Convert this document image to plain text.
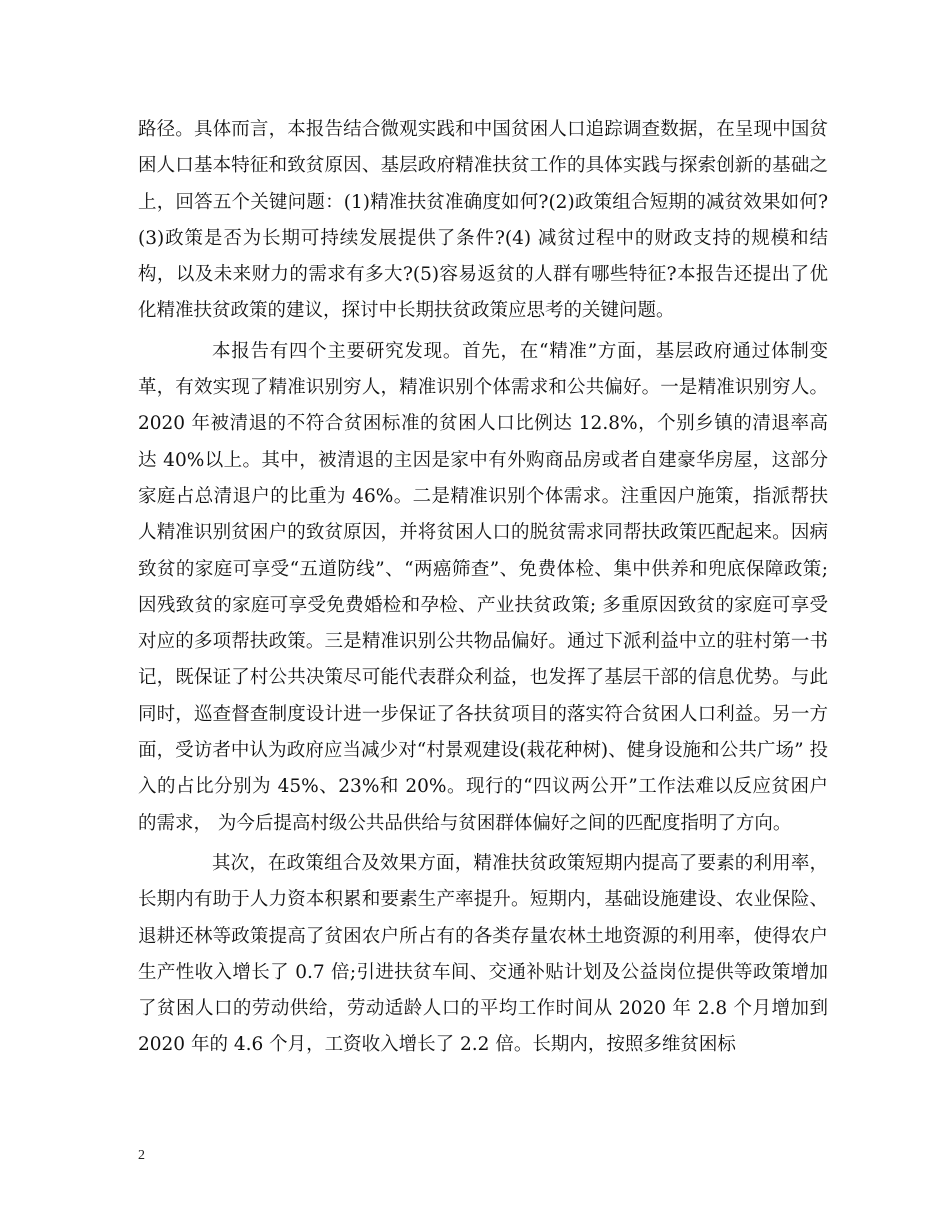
路径。具体而言，本报告结合微观实践和中国贫困人口追踪调查数据，在呈现中国贫困人口基本特征和致贫原因、基层政府精准扶贫工作的具体实践与探索创新的基础之上，回答五个关键问题：(1)精准扶贫准确度如何?(2)政策组合短期的减贫效果如何?(3)政策是否为长期可持续发展提供了条件?(4) 减贫过程中的财政支持的规模和结构，以及未来财力的需求有多大?(5)容易返贫的人群有哪些特征?本报告还提出了优化精准扶贫政策的建议，探讨中长期扶贫政策应思考的关键问题。

本报告有四个主要研究发现。首先，在“精准”方面，基层政府通过体制变革，有效实现了精准识别穷人，精准识别个体需求和公共偏好。一是精准识别穷人。2020 年被清退的不符合贫困标准的贫困人口比例达 12.8%，个别乡镇的清退率高达 40%以上。其中，被清退的主因是家中有外购商品房或者自建豪华房屋，这部分家庭占总清退户的比重为 46%。二是精准识别个体需求。注重因户施策，指派帮扶人精准识别贫困户的致贫原因，并将贫困人口的脱贫需求同帮扶政策匹配起来。因病致贫的家庭可享受“五道防线”、“两癌筛查”、免费体检、集中供养和兜底保障政策;因残致贫的家庭可享受免费婚检和孕检、产业扶贫政策; 多重原因致贫的家庭可享受对应的多项帮扶政策。三是精准识别公共物品偏好。通过下派利益中立的驻村第一书记，既保证了村公共决策尽可能代表群众利益，也发挥了基层干部的信息优势。与此同时，巡查督查制度设计进一步保证了各扶贫项目的落实符合贫困人口利益。另一方面，受访者中认为政府应当减少对“村景观建设(栽花种树)、健身设施和公共广场” 投入的占比分别为 45%、23%和 20%。现行的“四议两公开”工作法难以反应贫困户的需求， 为今后提高村级公共品供给与贫困群体偏好之间的匹配度指明了方向。

其次，在政策组合及效果方面，精准扶贫政策短期内提高了要素的利用率，长期内有助于人力资本积累和要素生产率提升。短期内，基础设施建设、农业保险、退耕还林等政策提高了贫困农户所占有的各类存量农林土地资源的利用率，使得农户生产性收入增长了 0.7 倍;引进扶贫车间、交通补贴计划及公益岗位提供等政策增加了贫困人口的劳动供给，劳动适龄人口的平均工作时间从 2020 年 2.8 个月增加到 2020 年的 4.6 个月，工资收入增长了 2.2 倍。长期内，按照多维贫困标

2
